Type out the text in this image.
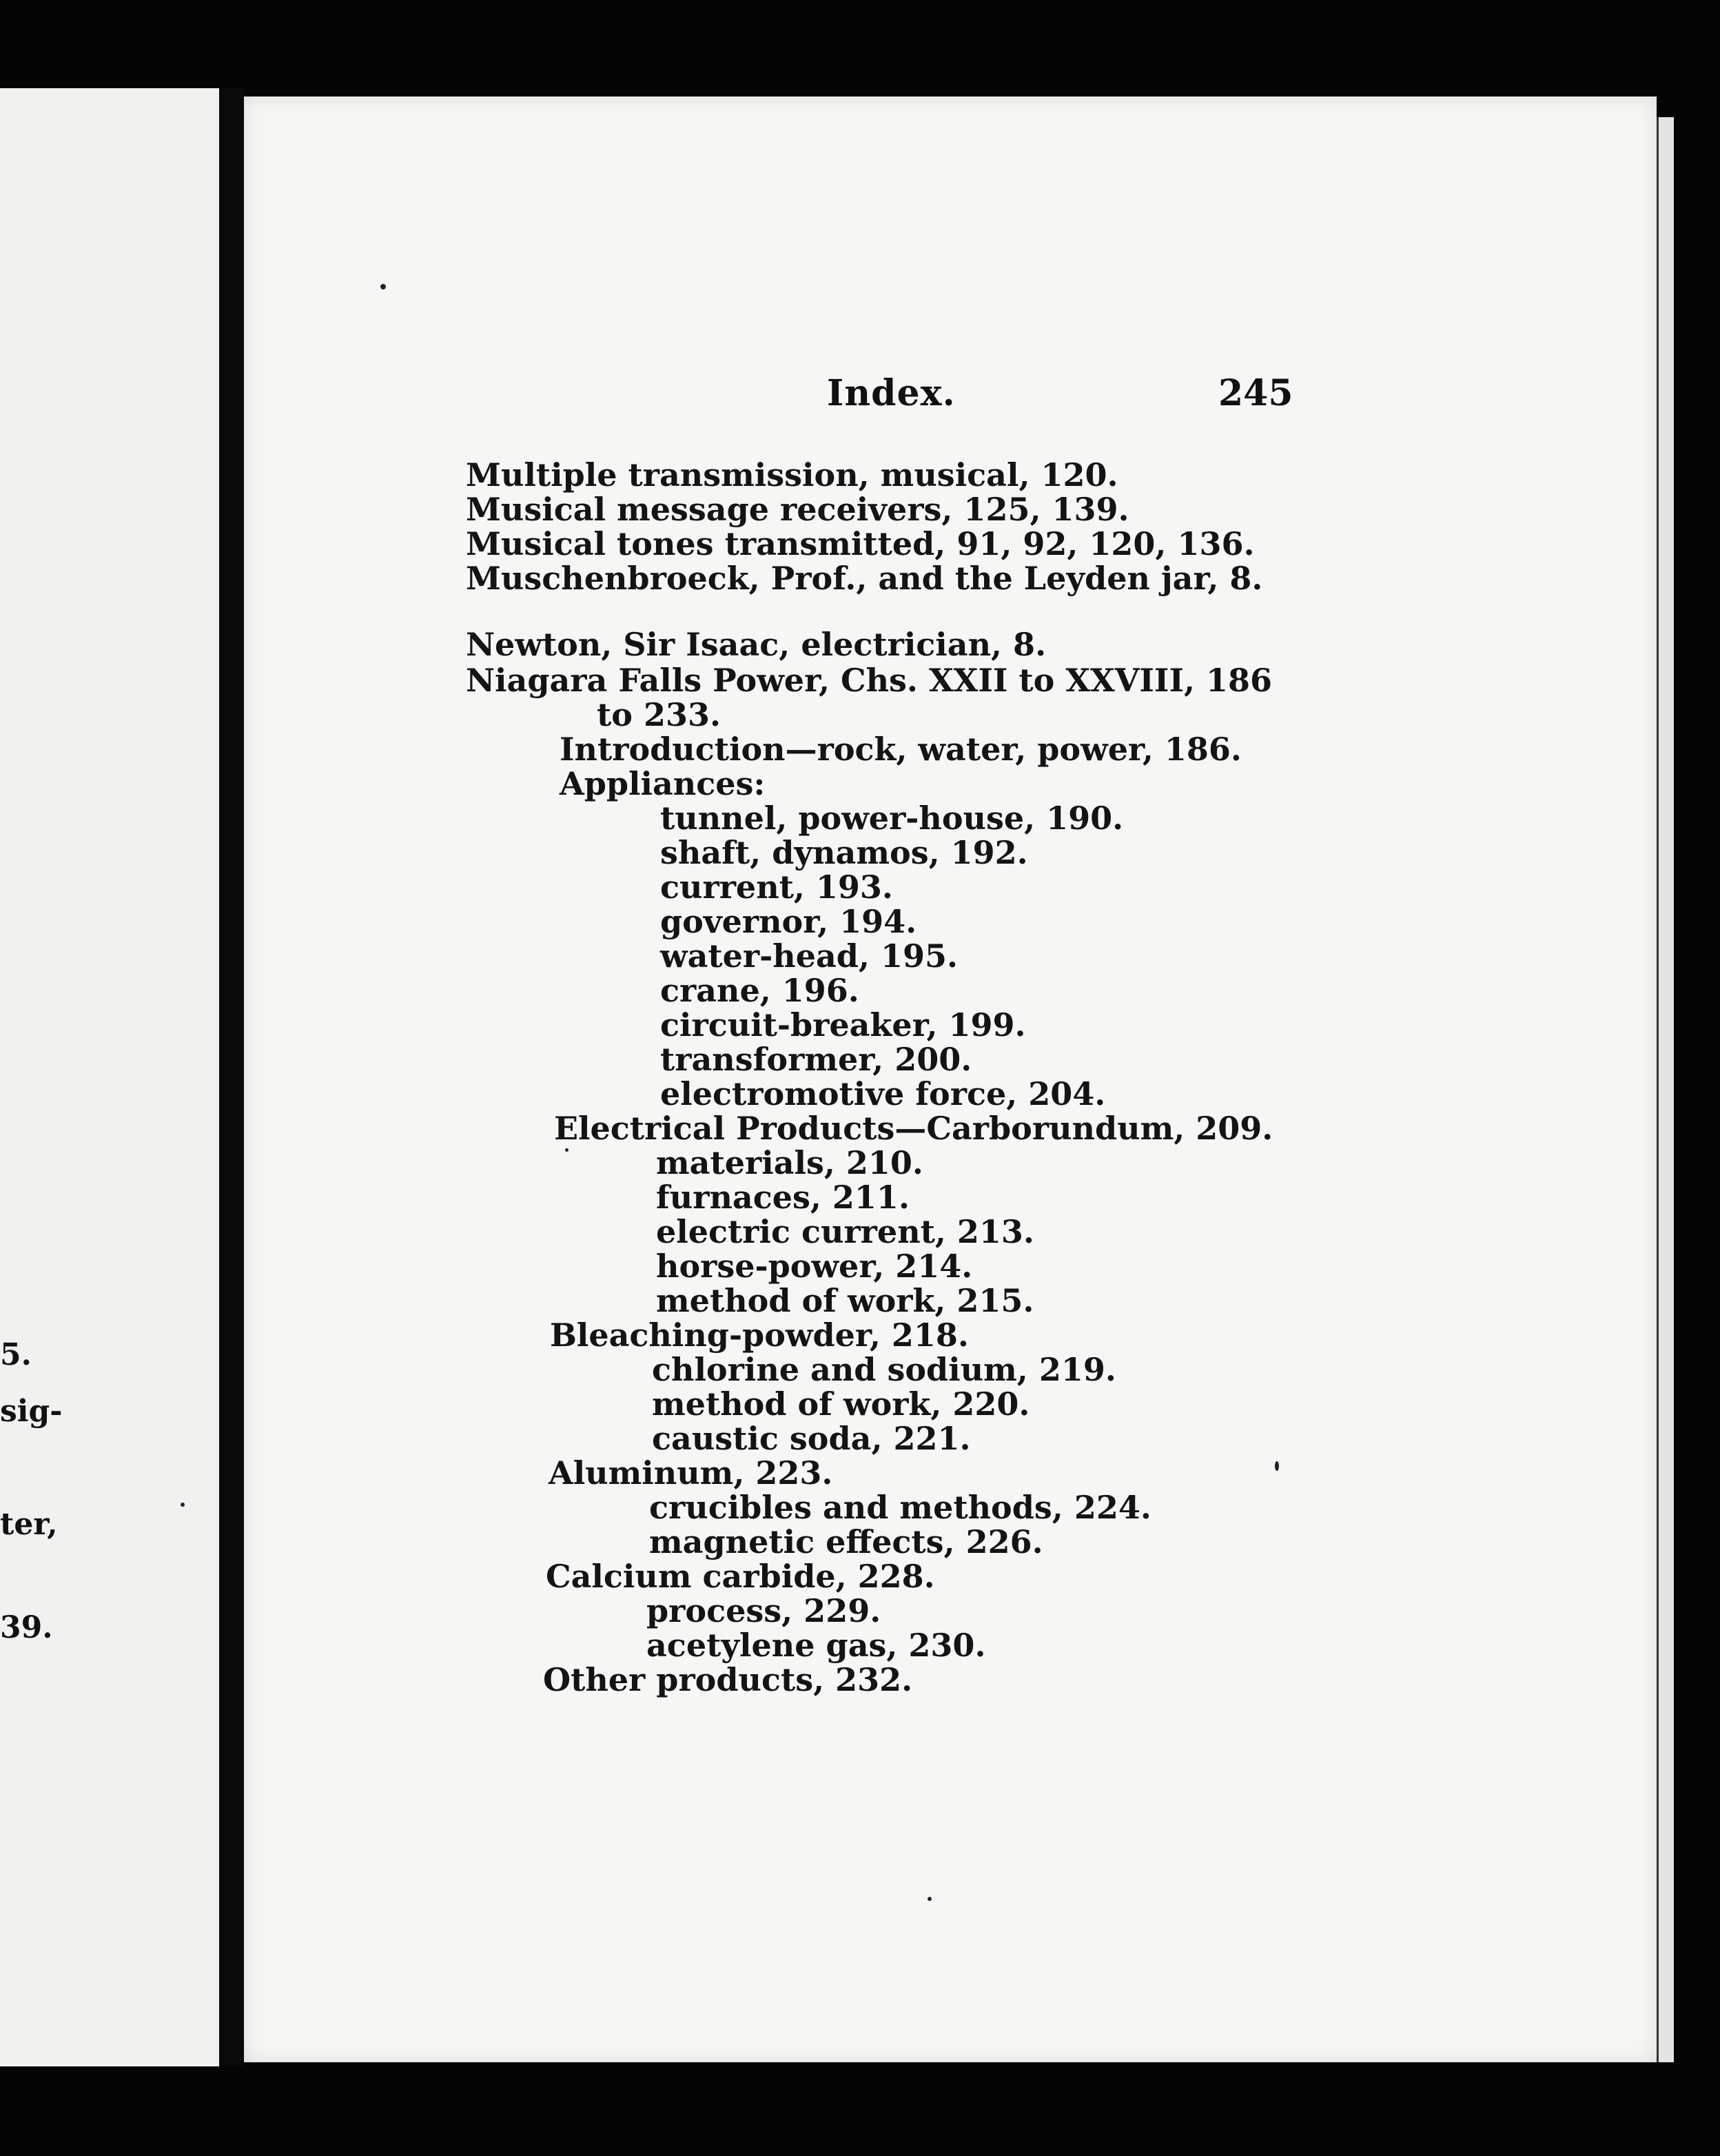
5.
sig-
ter,
39.
Index.	245
Multiple transmission, musical, 120.
Musical message receivers, 125, 139.
Musical tones transmitted, 91, 92, 120, 136.
Muschenbroeck, Prof., and the Leyden jar, 8.
Newton, Sir Isaac, electrician, 8.
Niagara Falls Power, Chs. XXII to XXVIII, 186
to 233.
Introduction—rock, water, power, 186.
Appliances:
tunnel, power-house, 190.
shaft, dynamos, 192.
current, 193.
governor, 194.
water-head, 195.
crane, 196.
circuit-breaker, 199.
transformer, 200.
electromotive force, 204.
Electrical Products—Carborundum, 209.
materials, 210.
furnaces, 211.
electric current, 213.
horse-power, 214.
method of work, 215.
Bleaching-powder, 218.
chlorine and sodium, 219.
method of work, 220.
caustic soda, 221.
Aluminum, 223.
crucibles and methods, 224.
magnetic effects, 226.
Calcium carbide, 228.
process, 229.
acetylene gas, 230.
Other products, 232.
